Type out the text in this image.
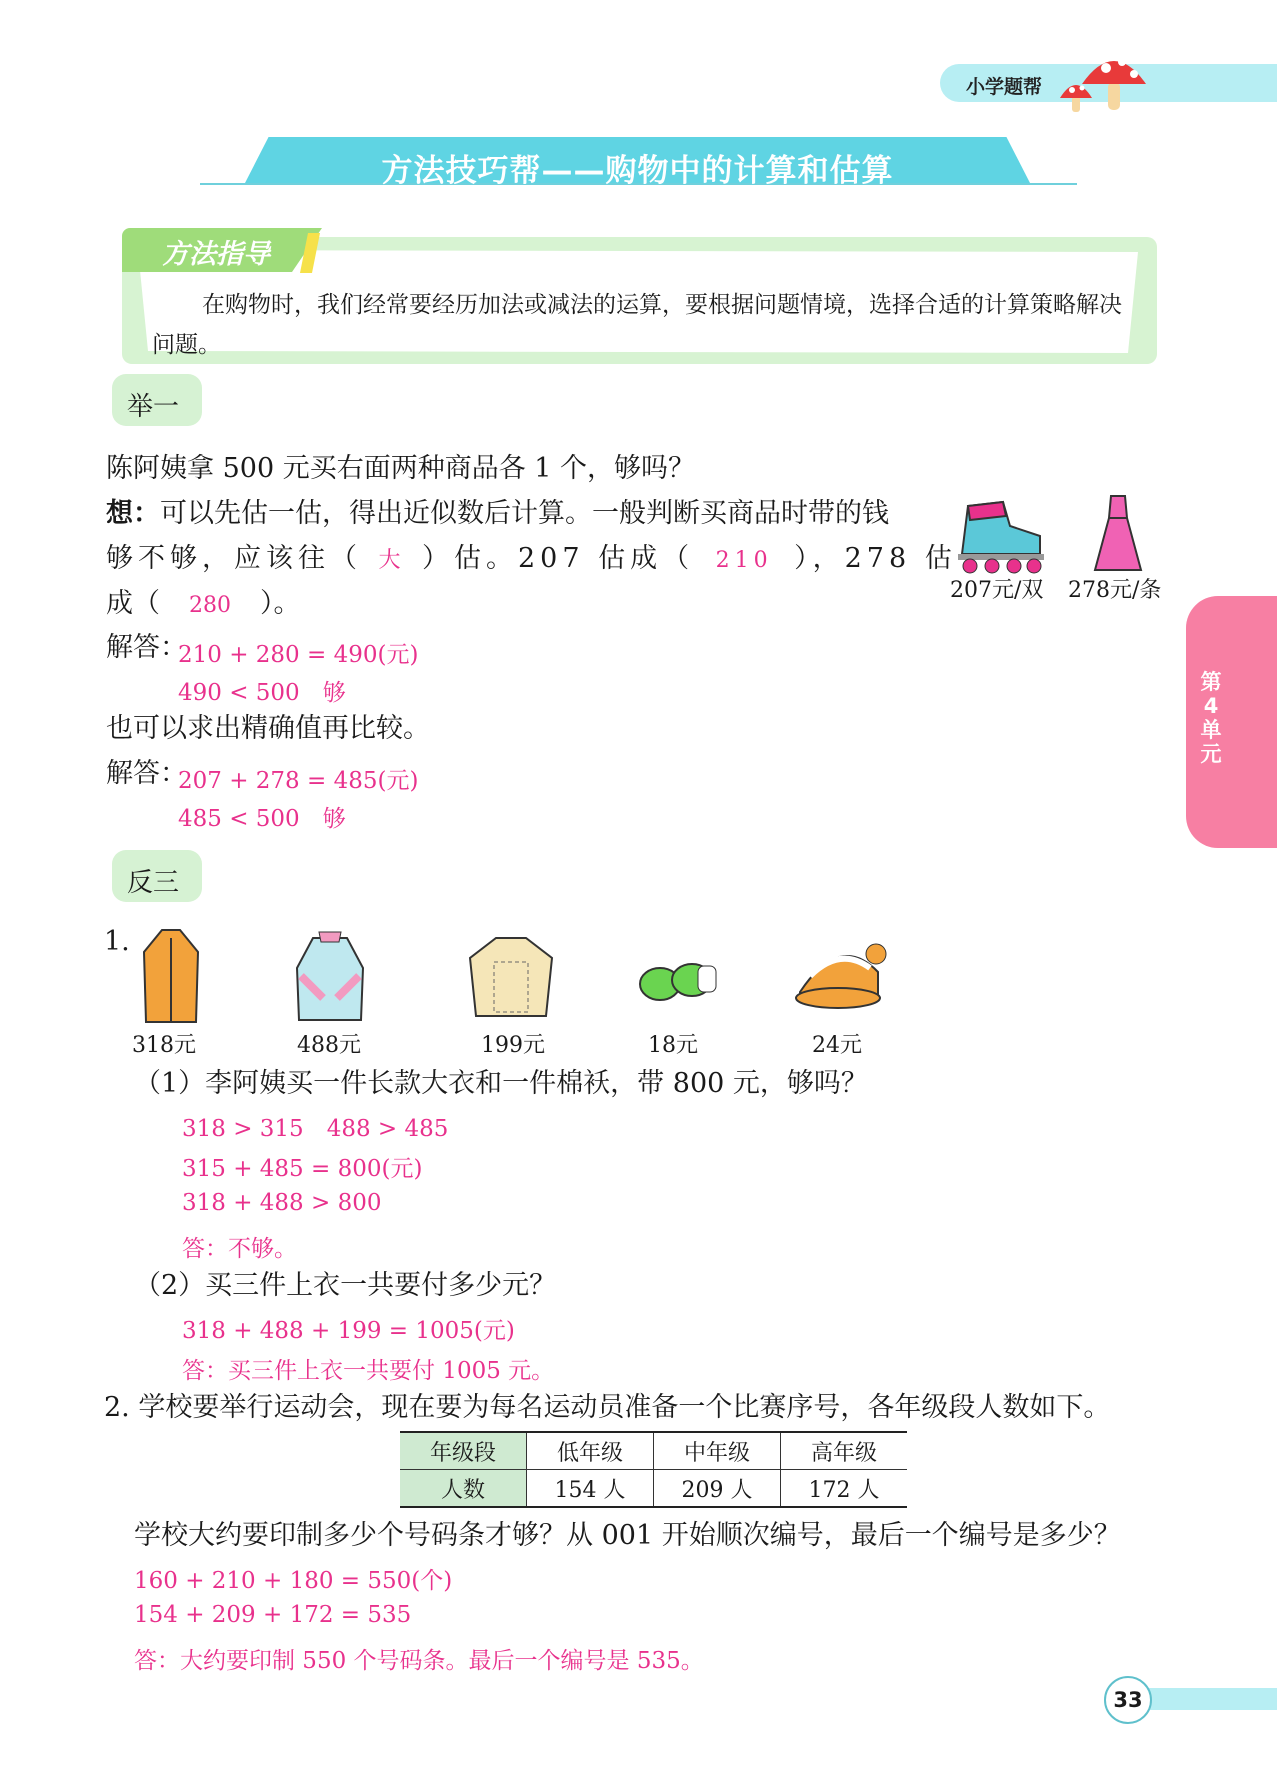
小学题帮
方法技巧帮——购物中的计算和估算
方法指导
在购物时，我们经常要经历加法或减法的运算，要根据问题情境，选择合适的计算策略解决问题。
举一
陈阿姨拿 500 元买右面两种商品各 1 个，够吗？
想：可以先估一估，得出近似数后计算。一般判断买商品时带的钱
够不够，应该往（ 大 ）估。207 估成（ 210 ），278 估
成（ 280 ）。
解答：
210 + 280 = 490(元)
490 < 500　够
也可以求出精确值再比较。
解答：
207 + 278 = 485(元)
485 < 500　够
207元/双 278元/条
第4单元
反三
1.
318元	488元	199元	18元	24元
（1）李阿姨买一件长款大衣和一件棉袄，带 800 元，够吗？
318 > 315　488 > 485
315 + 485 = 800(元)
318 + 488 > 800
答：不够。
（2）买三件上衣一共要付多少元？
318 + 488 + 199 = 1005(元)
答：买三件上衣一共要付 1005 元。
2. 学校要举行运动会，现在要为每名运动员准备一个比赛序号，各年级段人数如下。
年级段	低年级	中年级	高年级
人数	154 人	209 人	172 人
学校大约要印制多少个号码条才够？从 001 开始顺次编号，最后一个编号是多少？
160 + 210 + 180 = 550(个)
154 + 209 + 172 = 535
答：大约要印制 550 个号码条。最后一个编号是 535。
33
